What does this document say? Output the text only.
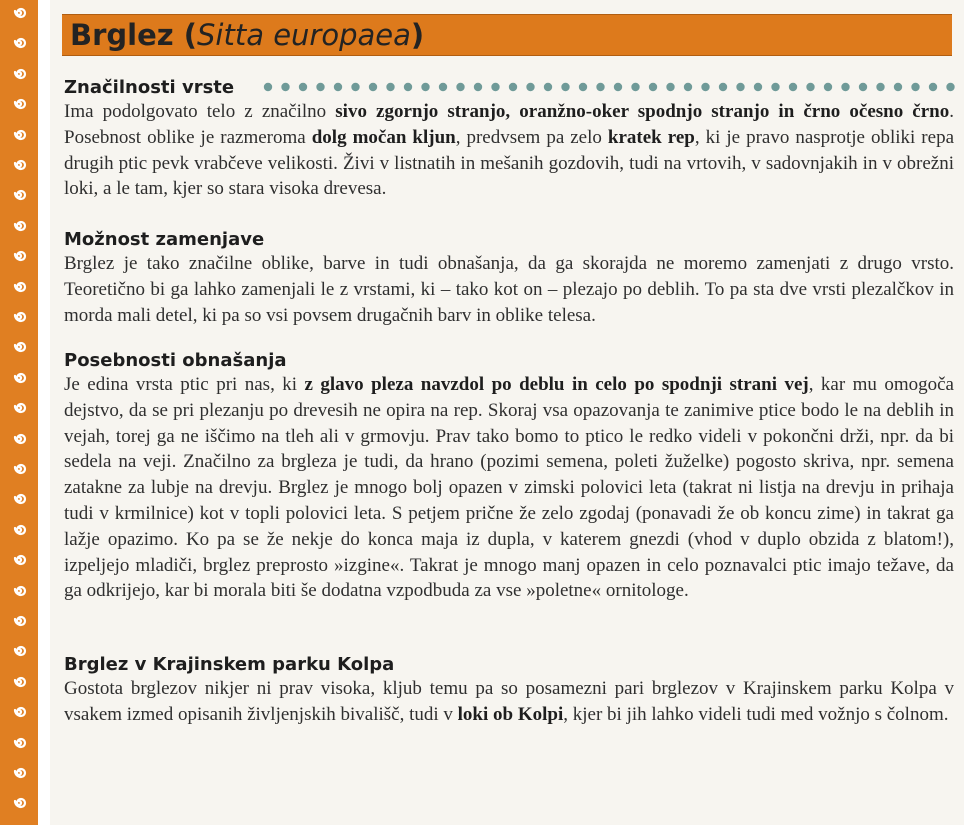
Brglez (Sitta europaea)
Značilnosti vrste

Ima podolgovato telo z značilno sivo zgornjo stranjo, oranžno-oker spodnjo stranjo in črno očesno črno. Posebnost oblike je razmeroma dolg močan kljun, predvsem pa zelo kratek rep, ki je pravo nasprotje obliki repa drugih ptic pevk vrabčeve velikosti. Živi v listnatih in mešanih gozdovih, tudi na vrtovih, v sadovnjakih in v obrežni loki, a le tam, kjer so stara visoka drevesa.

Možnost zamenjave

Brglez je tako značilne oblike, barve in tudi obnašanja, da ga skorajda ne moremo zamenjati z drugo vrsto. Teoretično bi ga lahko zamenjali le z vrstami, ki – tako kot on – plezajo po deblih. To pa sta dve vrsti plezalčkov in morda mali detel, ki pa so vsi povsem drugačnih barv in oblike telesa.

Posebnosti obnašanja

Je edina vrsta ptic pri nas, ki z glavo pleza navzdol po deblu in celo po spodnji strani vej, kar mu omogoča dejstvo, da se pri plezanju po drevesih ne opira na rep. Skoraj vsa opazovanja te zanimive ptice bodo le na deblih in vejah, torej ga ne iščimo na tleh ali v grmovju. Prav tako bomo to ptico le redko videli v pokončni drži, npr. da bi sedela na veji. Značilno za brgleza je tudi, da hrano (pozimi semena, poleti žuželke) pogosto skriva, npr. semena zatakne za lubje na drevju. Brglez je mnogo bolj opazen v zimski polovici leta (takrat ni listja na drevju in prihaja tudi v krmilnice) kot v topli polovici leta. S petjem prične že zelo zgodaj (ponavadi že ob koncu zime) in takrat ga lažje opazimo. Ko pa se že nekje do konca maja iz dupla, v katerem gnezdi (vhod v duplo obzida z blatom!), izpeljejo mladiči, brglez preprosto »izgine«. Takrat je mnogo manj opazen in celo poznavalci ptic imajo težave, da ga odkrijejo, kar bi morala biti še dodatna vzpodbuda za vse »poletne« ornitologe.

Brglez v Krajinskem parku Kolpa

Gostota brglezov nikjer ni prav visoka, kljub temu pa so posamezni pari brglezov v Krajinskem parku Kolpa v vsakem izmed opisanih življenjskih bivališč, tudi v loki ob Kolpi, kjer bi jih lahko videli tudi med vožnjo s čolnom.
